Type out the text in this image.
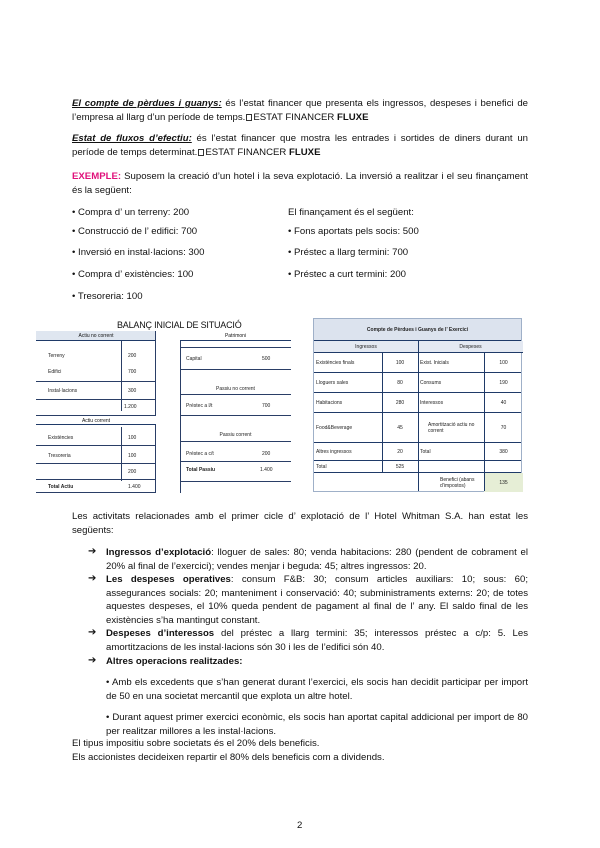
El compte de pèrdues i guanys: és l’estat financer que presenta els ingressos, despeses i benefici de l’empresa al llarg d’un període de temps. ESTAT FINANCER FLUXE
Estat de fluxos d’efectiu: és l’estat financer que mostra les entrades i sortides de diners durant un període de temps determinat. ESTAT FINANCER FLUXE
EXEMPLE: Suposem la creació d’un hotel i la seva explotació. La inversió a realitzar i el seu finançament és la següent:
• Compra d’ un terreny: 200
• Construcció de l’ edifici: 700
• Inversió en instal·lacions: 300
• Compra d’ existències: 100
• Tresoreria: 100
El finançament és el següent:
• Fons aportats pels socis: 500
• Préstec a llarg termini: 700
• Préstec a curt termini: 200
BALANÇ INICIAL DE SITUACIÓ
Actiu no corrent
Terreny	200
Edifici	700
Instal·lacions	300
1.200
Actiu corrent
Existències	100
Tresoreria	100
200
Total Actiu	1.400
Patrimoni
Capital	500
Passiu no corrent
Préstec a l/t	700
Passiu corrent
Préstec a c/t	200
Total Passiu	1.400
Compte de Pèrdues i Guanys de l’ Exercici
Ingressos	Despeses
Existències finals	100	Exist. Inicials	100
Lloguers sales	80	Consums	190
Habitacions	280	Interessos	40
Food&Beverage	45	Amortització actiu no corrent	70
Altres ingressos	20	Total	380
Total	525
Benefici (abans d’impostos)	135
Les activitats relacionades amb el primer cicle d’ explotació de l’ Hotel Whitman S.A. han estat les següents:
➔ Ingressos d’explotació: lloguer de sales: 80; venda habitacions: 280 (pendent de cobrament el 20% al final de l’exercici); vendes menjar i beguda: 45; altres ingressos: 20.
➔ Les despeses operatives: consum F&B: 30; consum articles auxiliars: 10; sous: 60; assegurances socials: 20; manteniment i conservació: 40; subministraments externs: 20; de totes aquestes despeses, el 10% queda pendent de pagament al final de l’ any. El saldo final de les existències s’ha mantingut constant.
➔ Despeses d’interessos del préstec a llarg termini: 35; interessos préstec a c/p: 5. Les amortitzacions de les instal·lacions són 30 i les de l’edifici són 40.
➔ Altres operacions realitzades:
• Amb els excedents que s’han generat durant l’exercici, els socis han decidit participar per import de 50 en una societat mercantil que explota un altre hotel.
• Durant aquest primer exercici econòmic, els socis han aportat capital addicional per import de 80 per realitzar millores a les instal·lacions.
El tipus impositiu sobre societats és el 20% dels beneficis.
Els accionistes decideixen repartir el 80% dels beneficis com a dividends.
2
